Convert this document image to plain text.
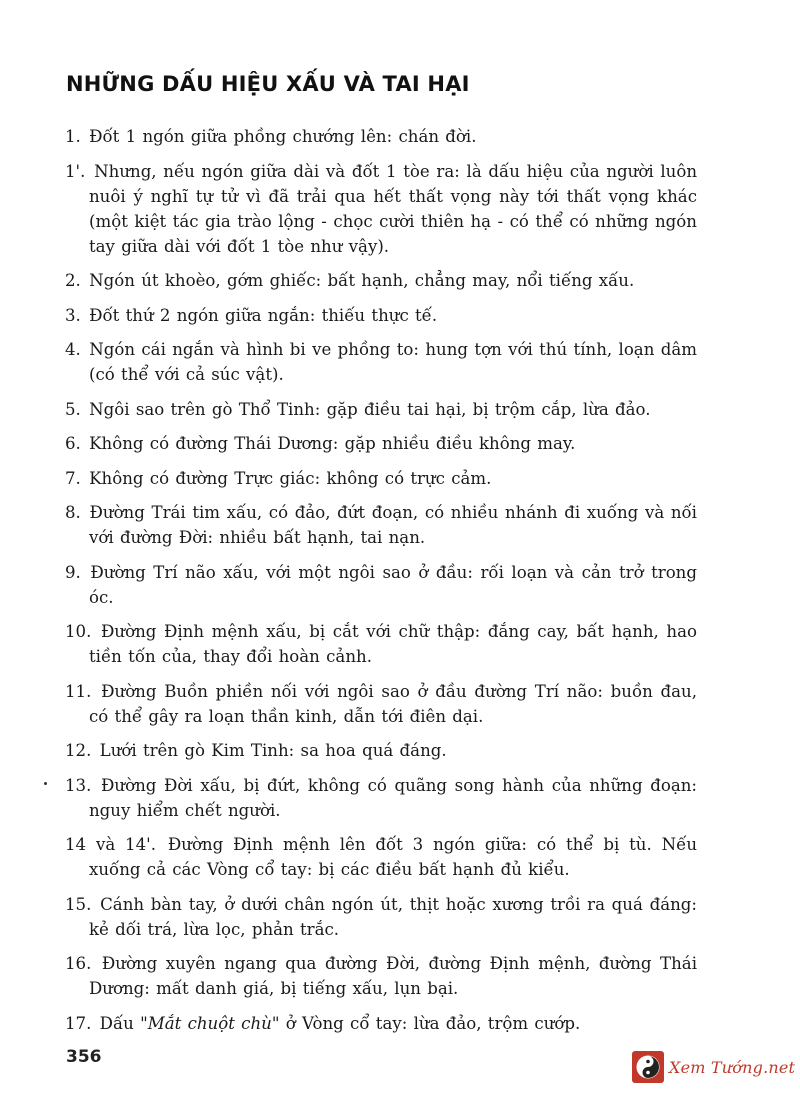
NHỮNG DẤU HIỆU XẤU VÀ TAI HẠI
1. Đốt 1 ngón giữa phồng chướng lên: chán đời.
1'. Nhưng, nếu ngón giữa dài và đốt 1 tòe ra: là dấu hiệu của người luôn nuôi ý nghĩ tự tử vì đã trải qua hết thất vọng này tới thất vọng khác (một kiệt tác gia trào lộng - chọc cười thiên hạ - có thể có những ngón tay giữa dài với đốt 1 tòe như vậy).
2. Ngón út khoèo, gớm ghiếc: bất hạnh, chẳng may, nổi tiếng xấu.
3. Đốt thứ 2 ngón giữa ngắn: thiếu thực tế.
4. Ngón cái ngắn và hình bi ve phồng to: hung tợn với thú tính, loạn dâm (có thể với cả súc vật).
5. Ngôi sao trên gò Thổ Tinh: gặp điều tai hại, bị trộm cắp, lừa đảo.
6. Không có đường Thái Dương: gặp nhiều điều không may.
7. Không có đường Trực giác: không có trực cảm.
8. Đường Trái tim xấu, có đảo, đứt đoạn, có nhiều nhánh đi xuống và nối với đường Đời: nhiều bất hạnh, tai nạn.
9. Đường Trí não xấu, với một ngôi sao ở đầu: rối loạn và cản trở trong óc.
10. Đường Định mệnh xấu, bị cắt với chữ thập: đắng cay, bất hạnh, hao tiền tốn của, thay đổi hoàn cảnh.
11. Đường Buồn phiền nối với ngôi sao ở đầu đường Trí não: buồn đau, có thể gây ra loạn thần kinh, dẫn tới điên dại.
12. Lưới trên gò Kim Tinh: sa hoa quá đáng.
13. Đường Đời xấu, bị đứt, không có quãng song hành của những đoạn: nguy hiểm chết người.
14 và 14'. Đường Định mệnh lên đốt 3 ngón giữa: có thể bị tù. Nếu xuống cả các Vòng cổ tay: bị các điều bất hạnh đủ kiểu.
15. Cánh bàn tay, ở dưới chân ngón út, thịt hoặc xương trồi ra quá đáng: kẻ dối trá, lừa lọc, phản trắc.
16. Đường xuyên ngang qua đường Đời, đường Định mệnh, đường Thái Dương: mất danh giá, bị tiếng xấu, lụn bại.
17. Dấu "Mắt chuột chù" ở Vòng cổ tay: lừa đảo, trộm cướp.
356	Xem Tướng.net
